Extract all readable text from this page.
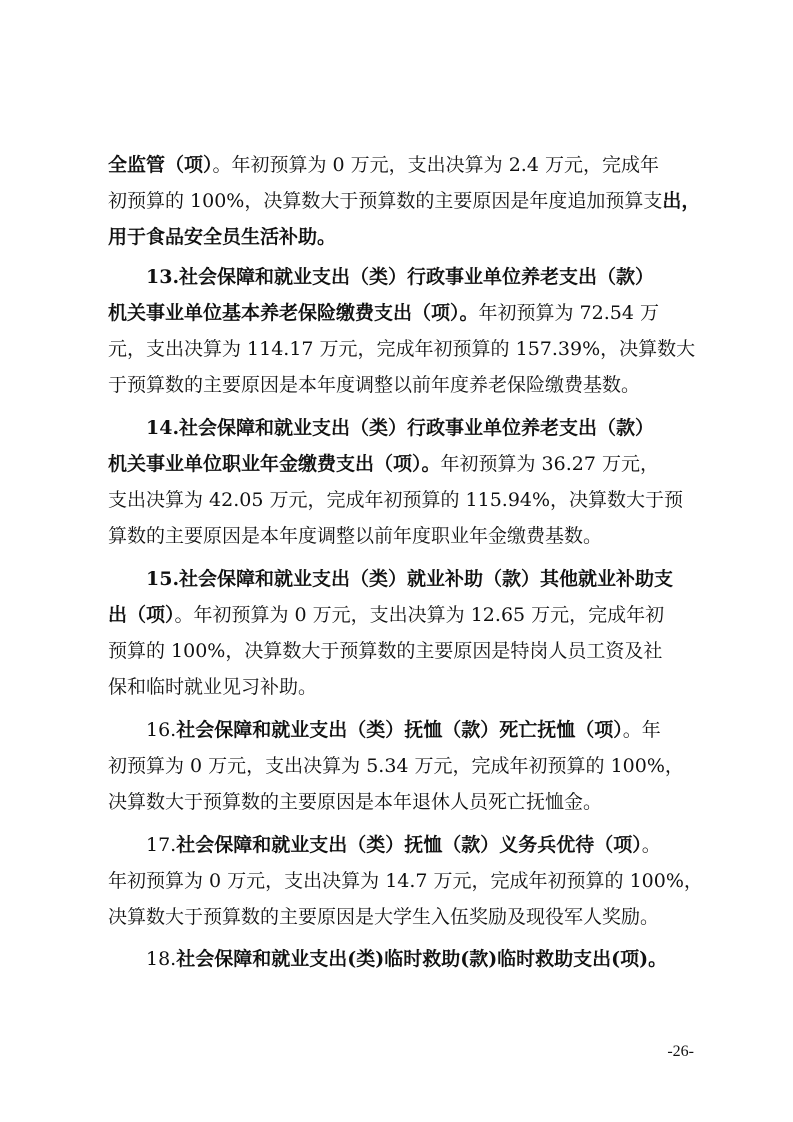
全监管（项）。年初预算为 0 万元，支出决算为 2.4 万元，完成年
初预算的 100%，决算数大于预算数的主要原因是年度追加预算支出，
用于食品安全员生活补助。
13.社会保障和就业支出（类）行政事业单位养老支出（款）
机关事业单位基本养老保险缴费支出（项）。年初预算为 72.54 万
元，支出决算为 114.17 万元，完成年初预算的 157.39%，决算数大
于预算数的主要原因是本年度调整以前年度养老保险缴费基数。
14.社会保障和就业支出（类）行政事业单位养老支出（款）
机关事业单位职业年金缴费支出（项）。年初预算为 36.27 万元，
支出决算为 42.05 万元，完成年初预算的 115.94%，决算数大于预
算数的主要原因是本年度调整以前年度职业年金缴费基数。
15.社会保障和就业支出（类）就业补助（款）其他就业补助支
出（项）。年初预算为 0 万元，支出决算为 12.65 万元，完成年初
预算的 100%，决算数大于预算数的主要原因是特岗人员工资及社
保和临时就业见习补助。
16.社会保障和就业支出（类）抚恤（款）死亡抚恤（项）。年
初预算为 0 万元，支出决算为 5.34 万元，完成年初预算的 100%，
决算数大于预算数的主要原因是本年退休人员死亡抚恤金。
17.社会保障和就业支出（类）抚恤（款）义务兵优待（项）。
年初预算为 0 万元，支出决算为 14.7 万元，完成年初预算的 100%，
决算数大于预算数的主要原因是大学生入伍奖励及现役军人奖励。
18.社会保障和就业支出(类)临时救助(款)临时救助支出(项)。
-26-
